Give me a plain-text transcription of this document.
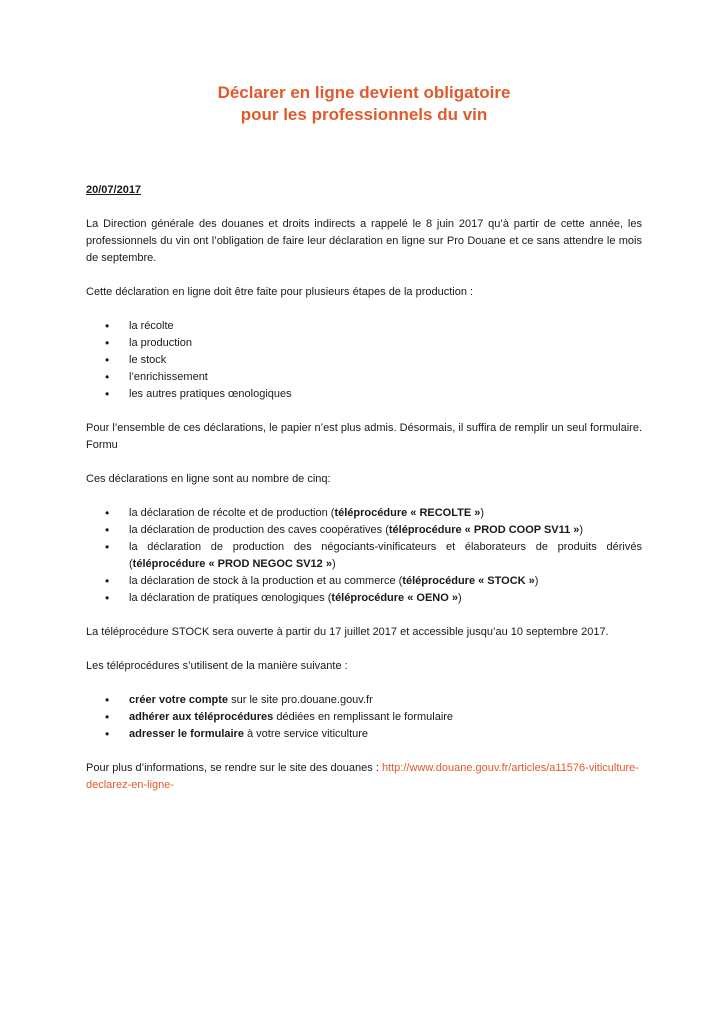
Déclarer en ligne devient obligatoire
pour les professionnels du vin
20/07/2017

La Direction générale des douanes et droits indirects a rappelé le 8 juin 2017 qu’à partir de cette année, les professionnels du vin ont l’obligation de faire leur déclaration en ligne sur Pro Douane et ce sans attendre le mois de septembre.

Cette déclaration en ligne doit être faite pour plusieurs étapes de la production :

• la récolte
• la production
• le stock
• l’enrichissement
• les autres pratiques œnologiques

Pour l’ensemble de ces déclarations, le papier n’est plus admis. Désormais, il suffira de remplir un seul formulaire. Formu

Ces déclarations en ligne sont au nombre de cinq:

• la déclaration de récolte et de production (téléprocédure « RECOLTE »)
• la déclaration de production des caves coopératives (téléprocédure « PROD COOP SV11 »)
• la déclaration de production des négociants-vinificateurs et élaborateurs de produits dérivés (téléprocédure « PROD NEGOC SV12 »)
• la déclaration de stock à la production et au commerce (téléprocédure « STOCK »)
• la déclaration de pratiques œnologiques (téléprocédure « OENO »)

La téléprocédure STOCK sera ouverte à partir du 17 juillet 2017 et accessible jusqu’au 10 septembre 2017.

Les téléprocédures s’utilisent de la manière suivante :

• créer votre compte sur le site pro.douane.gouv.fr
• adhérer aux téléprocédures dédiées en remplissant le formulaire
• adresser le formulaire à votre service viticulture

Pour plus d’informations, se rendre sur le site des douanes : http://www.douane.gouv.fr/articles/a11576-viticulture-declarez-en-ligne-
